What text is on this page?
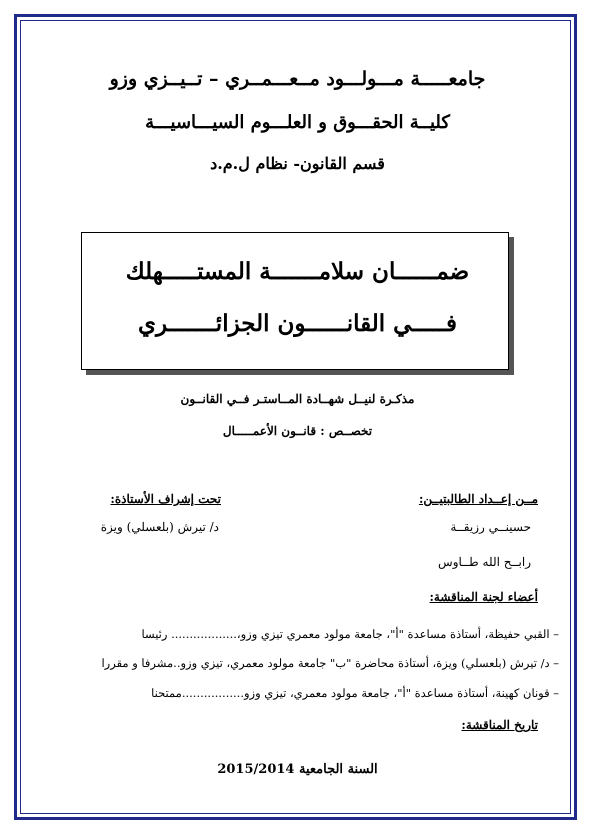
جامعـــــة مـــولـــود مــعـــمــري – تــيــزي وزو
كليــة الحقـــوق و العلـــوم السيـــاسيـــة
قسم القانون- نظام ل.م.د
ضمــــــان سلامـــــــة المستـــــهلك
فـــــي القانــــــون الجزائـــــــري
مذكـرة لنيــل شهــادة المــاستـر فــي القانــون
تخصــص : قانــون الأعمـــــال
مــن إعــداد الطالبتيــن:
تحت إشراف الأستاذة:
حسينــي رزيقــة
رابــح الله طــاوس
د/ تيرش (بلعسلي) ويزة
أعضاء لجنة المناقشة:
– القبي حفيظة، أستاذة مساعدة "أ"، جامعة مولود معمري تيزي وزو،.................. رئيسا
– د/ تيرش (بلعسلي) ويزة، أستاذة محاضرة "ب" جامعة مولود معمري، تيزي وزو..مشرفا و مقررا
– قونان كهينة، أستاذة مساعدة "أ"، جامعة مولود معمري، تيزي وزو.................ممتحنا
تاريخ المناقشة:
السنة الجامعية 2015/2014
